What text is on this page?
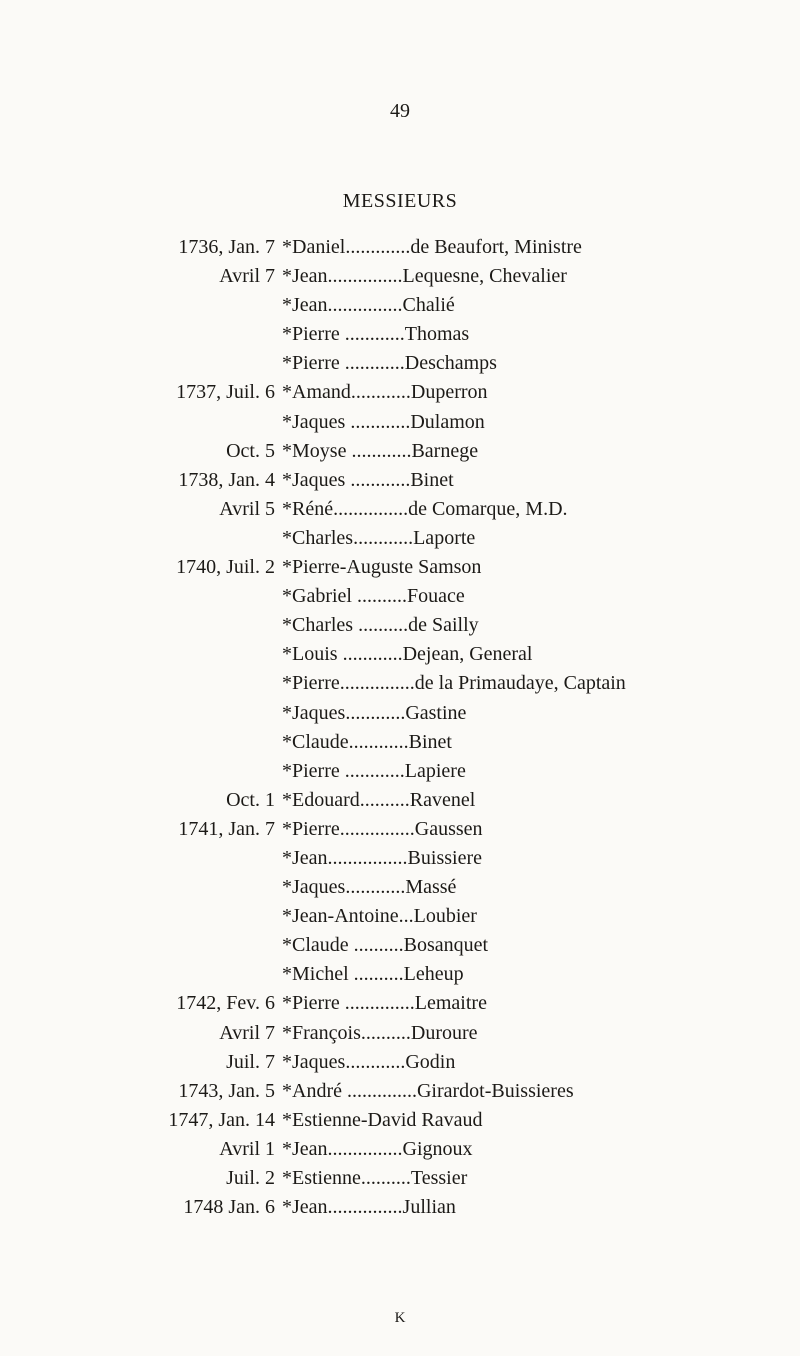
49
MESSIEURS
1736, Jan. 7 *Daniel.............de Beaufort, Ministre
Avril 7 *Jean...............Lequesne, Chevalier
*Jean...............Chalié
*Pierre ............Thomas
*Pierre ............Deschamps
1737, Juil. 6 *Amand............Duperron
*Jaques ............Dulamon
Oct. 5 *Moyse ............Barnege
1738, Jan. 4 *Jaques ............Binet
Avril 5 *Réné...............de Comarque, M.D.
*Charles............Laporte
1740, Juil. 2 *Pierre-Auguste Samson
*Gabriel ..........Fouace
*Charles ..........de Sailly
*Louis ............Dejean, General
*Pierre...............de la Primaudaye, Captain
*Jaques............Gastine
*Claude............Binet
*Pierre ............Lapiere
Oct. 1 *Edouard..........Ravenel
1741, Jan. 7 *Pierre...............Gaussen
*Jean................Buissiere
*Jaques............Massé
*Jean-Antoine...Loubier
*Claude ..........Bosanquet
*Michel ..........Leheup
1742, Fev. 6 *Pierre ..............Lemaitre
Avril 7 *François..........Duroure
Juil. 7 *Jaques............Godin
1743, Jan. 5 *André ..............Girardot-Buissieres
1747, Jan. 14 *Estienne-David Ravaud
Avril 1 *Jean...............Gignoux
Juil. 2 *Estienne..........Tessier
1748 Jan. 6 *Jean...............Jullian
K
